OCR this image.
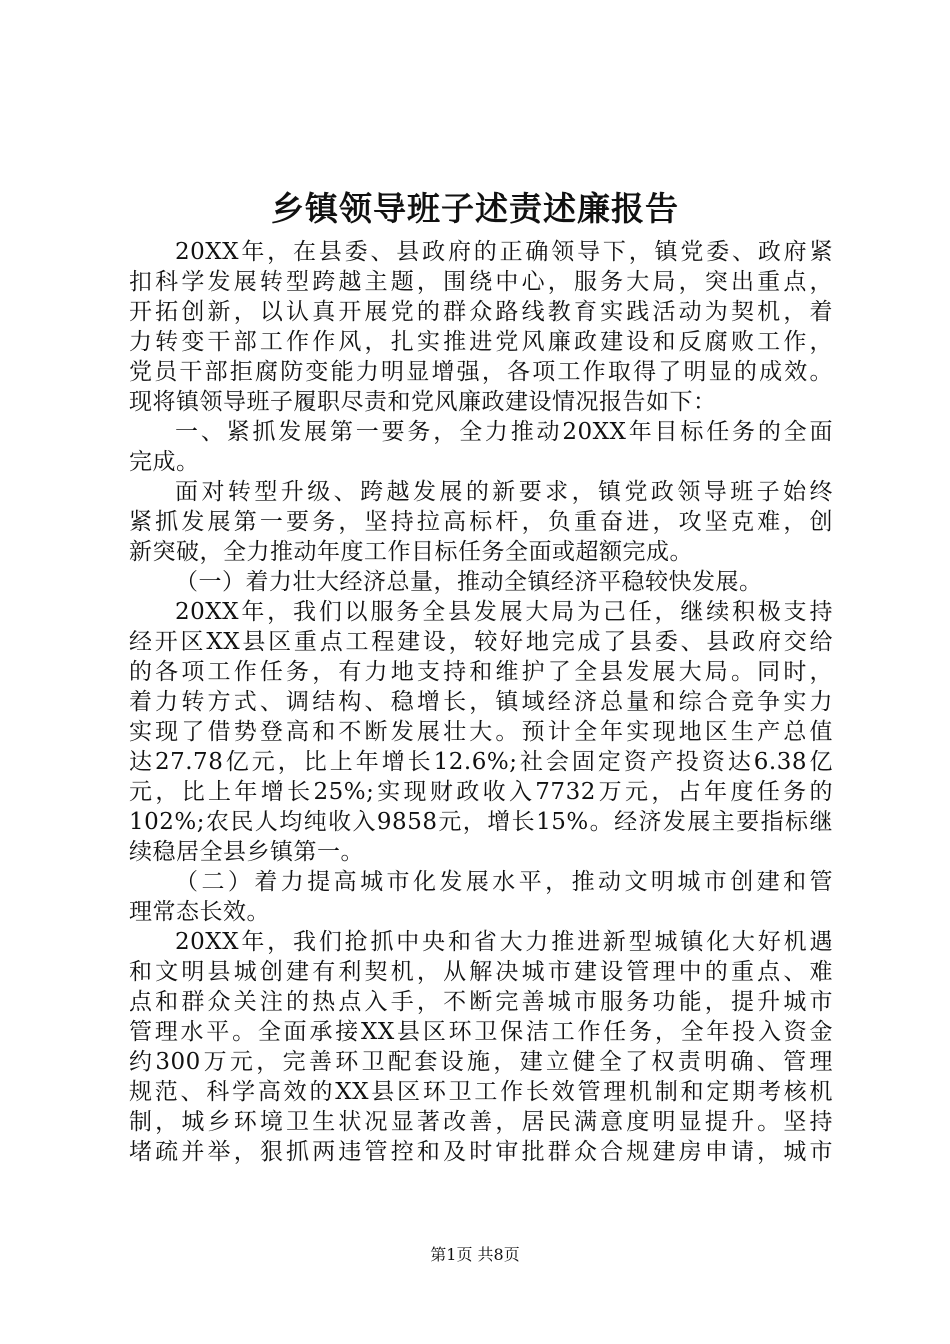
乡镇领导班子述责述廉报告
20XX年，在县委、县政府的正确领导下，镇党委、政府紧
扣科学发展转型跨越主题，围绕中心，服务大局，突出重点，
开拓创新，以认真开展党的群众路线教育实践活动为契机，着
力转变干部工作作风，扎实推进党风廉政建设和反腐败工作，
党员干部拒腐防变能力明显增强，各项工作取得了明显的成效。
现将镇领导班子履职尽责和党风廉政建设情况报告如下：
一、紧抓发展第一要务，全力推动20XX年目标任务的全面
完成。
面对转型升级、跨越发展的新要求，镇党政领导班子始终
紧抓发展第一要务，坚持拉高标杆，负重奋进，攻坚克难，创
新突破，全力推动年度工作目标任务全面或超额完成。
（一）着力壮大经济总量，推动全镇经济平稳较快发展。
20XX年，我们以服务全县发展大局为己任，继续积极支持
经开区XX县区重点工程建设，较好地完成了县委、县政府交给
的各项工作任务，有力地支持和维护了全县发展大局。同时，
着力转方式、调结构、稳增长，镇域经济总量和综合竞争实力
实现了借势登高和不断发展壮大。预计全年实现地区生产总值
达27.78亿元，比上年增长12.6%;社会固定资产投资达6.38亿
元，比上年增长25%;实现财政收入7732万元，占年度任务的
102%;农民人均纯收入9858元，增长15%。经济发展主要指标继
续稳居全县乡镇第一。
（二）着力提高城市化发展水平，推动文明城市创建和管
理常态长效。
20XX年，我们抢抓中央和省大力推进新型城镇化大好机遇
和文明县城创建有利契机，从解决城市建设管理中的重点、难
点和群众关注的热点入手，不断完善城市服务功能，提升城市
管理水平。全面承接XX县区环卫保洁工作任务，全年投入资金
约300万元，完善环卫配套设施，建立健全了权责明确、管理
规范、科学高效的XX县区环卫工作长效管理机制和定期考核机
制，城乡环境卫生状况显著改善，居民满意度明显提升。坚持
堵疏并举，狠抓两违管控和及时审批群众合规建房申请，城市
第1页 共8页
